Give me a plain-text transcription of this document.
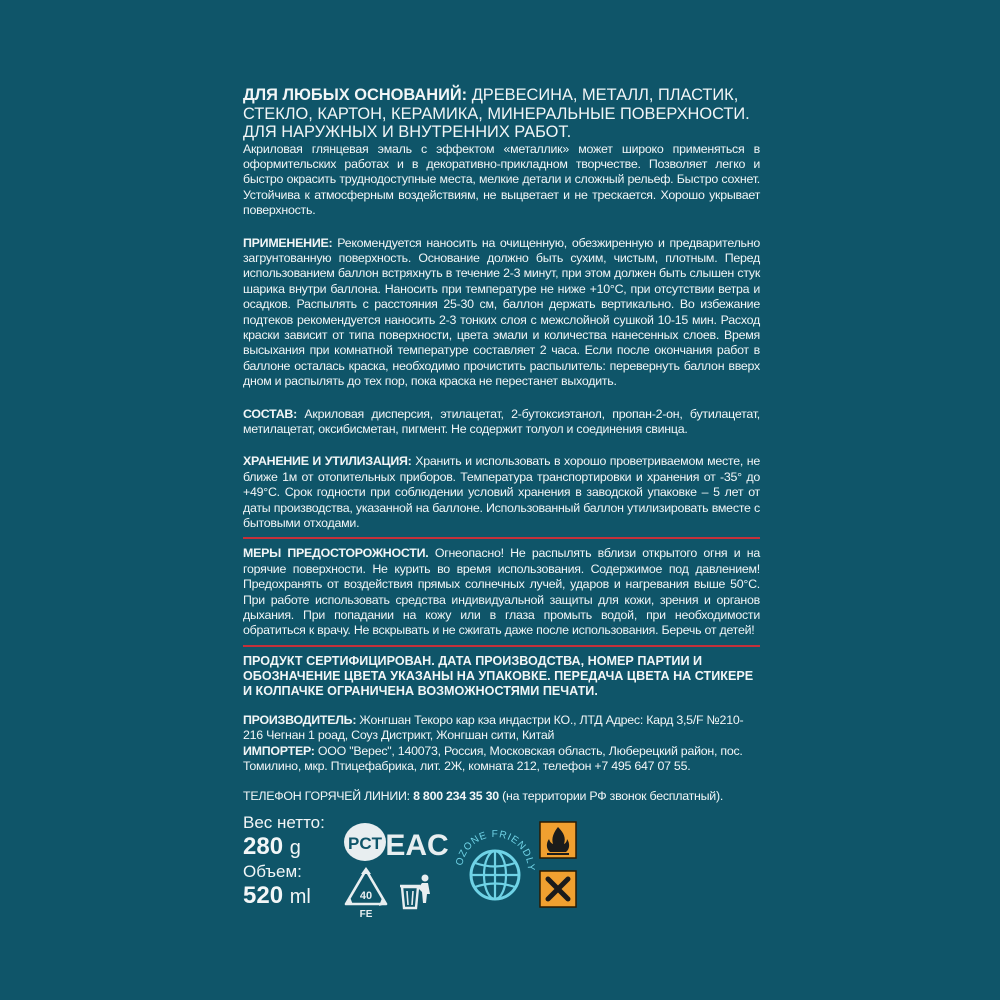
ДЛЯ ЛЮБЫХ ОСНОВАНИЙ: ДРЕВЕСИНА, МЕТАЛЛ, ПЛАСТИК, СТЕКЛО, КАРТОН, КЕРАМИКА, МИНЕРАЛЬНЫЕ ПОВЕРХНОСТИ. ДЛЯ НАРУЖНЫХ И ВНУТРЕННИХ РАБОТ.

Акриловая глянцевая эмаль с эффектом «металлик» может широко применяться в оформительских работах и в декоративно-прикладном творчестве. Позволяет легко и быстро окрасить труднодоступные места, мелкие детали и сложный рельеф. Быстро сохнет. Устойчива к атмосферным воздействиям, не выцветает и не трескается. Хорошо укрывает поверхность.

ПРИМЕНЕНИЕ: Рекомендуется наносить на очищенную, обезжиренную и предварительно загрунтованную поверхность. Основание должно быть сухим, чистым, плотным. Перед использованием баллон встряхнуть в течение 2-3 минут, при этом должен быть слышен стук шарика внутри баллона. Наносить при температуре не ниже +10°С, при отсутствии ветра и осадков. Распылять с расстояния 25-30 см, баллон держать вертикально. Во избежание подтеков рекомендуется наносить 2-3 тонких слоя с межслойной сушкой 10-15 мин. Расход краски зависит от типа поверхности, цвета эмали и количества нанесенных слоев. Время высыхания при комнатной температуре составляет 2 часа. Если после окончания работ в баллоне осталась краска, необходимо прочистить распылитель: перевернуть баллон вверх дном и распылять до тех пор, пока краска не перестанет выходить.

СОСТАВ: Акриловая дисперсия, этилацетат, 2-бутоксиэтанол, пропан-2-он, бутилацетат, метилацетат, оксибисметан, пигмент. Не содержит толуол и соединения свинца.

ХРАНЕНИЕ И УТИЛИЗАЦИЯ: Хранить и использовать в хорошо проветриваемом месте, не ближе 1м от отопительных приборов. Температура транспортировки и хранения от -35° до +49°С. Срок годности при соблюдении условий хранения в заводской упаковке – 5 лет от даты производства, указанной на баллоне. Использованный баллон утилизировать вместе с бытовыми отходами.

МЕРЫ ПРЕДОСТОРОЖНОСТИ. Огнеопасно! Не распылять вблизи открытого огня и на горячие поверхности. Не курить во время использования. Содержимое под давлением! Предохранять от воздействия прямых солнечных лучей, ударов и нагревания выше 50°С. При работе использовать средства индивидуальной защиты для кожи, зрения и органов дыхания. При попадании на кожу или в глаза промыть водой, при необходимости обратиться к врачу. Не вскрывать и не сжигать даже после использования. Беречь от детей!

ПРОДУКТ СЕРТИФИЦИРОВАН. ДАТА ПРОИЗВОДСТВА, НОМЕР ПАРТИИ И ОБОЗНАЧЕНИЕ ЦВЕТА УКАЗАНЫ НА УПАКОВКЕ. ПЕРЕДАЧА ЦВЕТА НА СТИКЕРЕ И КОЛПАЧКЕ ОГРАНИЧЕНА ВОЗМОЖНОСТЯМИ ПЕЧАТИ.

ПРОИЗВОДИТЕЛЬ: Жонгшан Текоро кар кэа индастри КО., ЛТД Адрес: Кард 3,5/F №210-216 Чегнан 1 роад, Соуз Дистрикт, Жонгшан сити, Китай

ИМПОРТЕР: ООО "Верес", 140073, Россия, Московская область, Люберецкий район, пос. Томилино, мкр. Птицефабрика, лит. 2Ж, комната 212, телефон +7 495 647 07 55.

ТЕЛЕФОН ГОРЯЧЕЙ ЛИНИИ: 8 800 234 35 30 (на территории РФ звонок бесплатный).

Вес нетто:
280 g
Объем:
520 ml
PCT EAC
40
FE
OZONE FRIENDLY
